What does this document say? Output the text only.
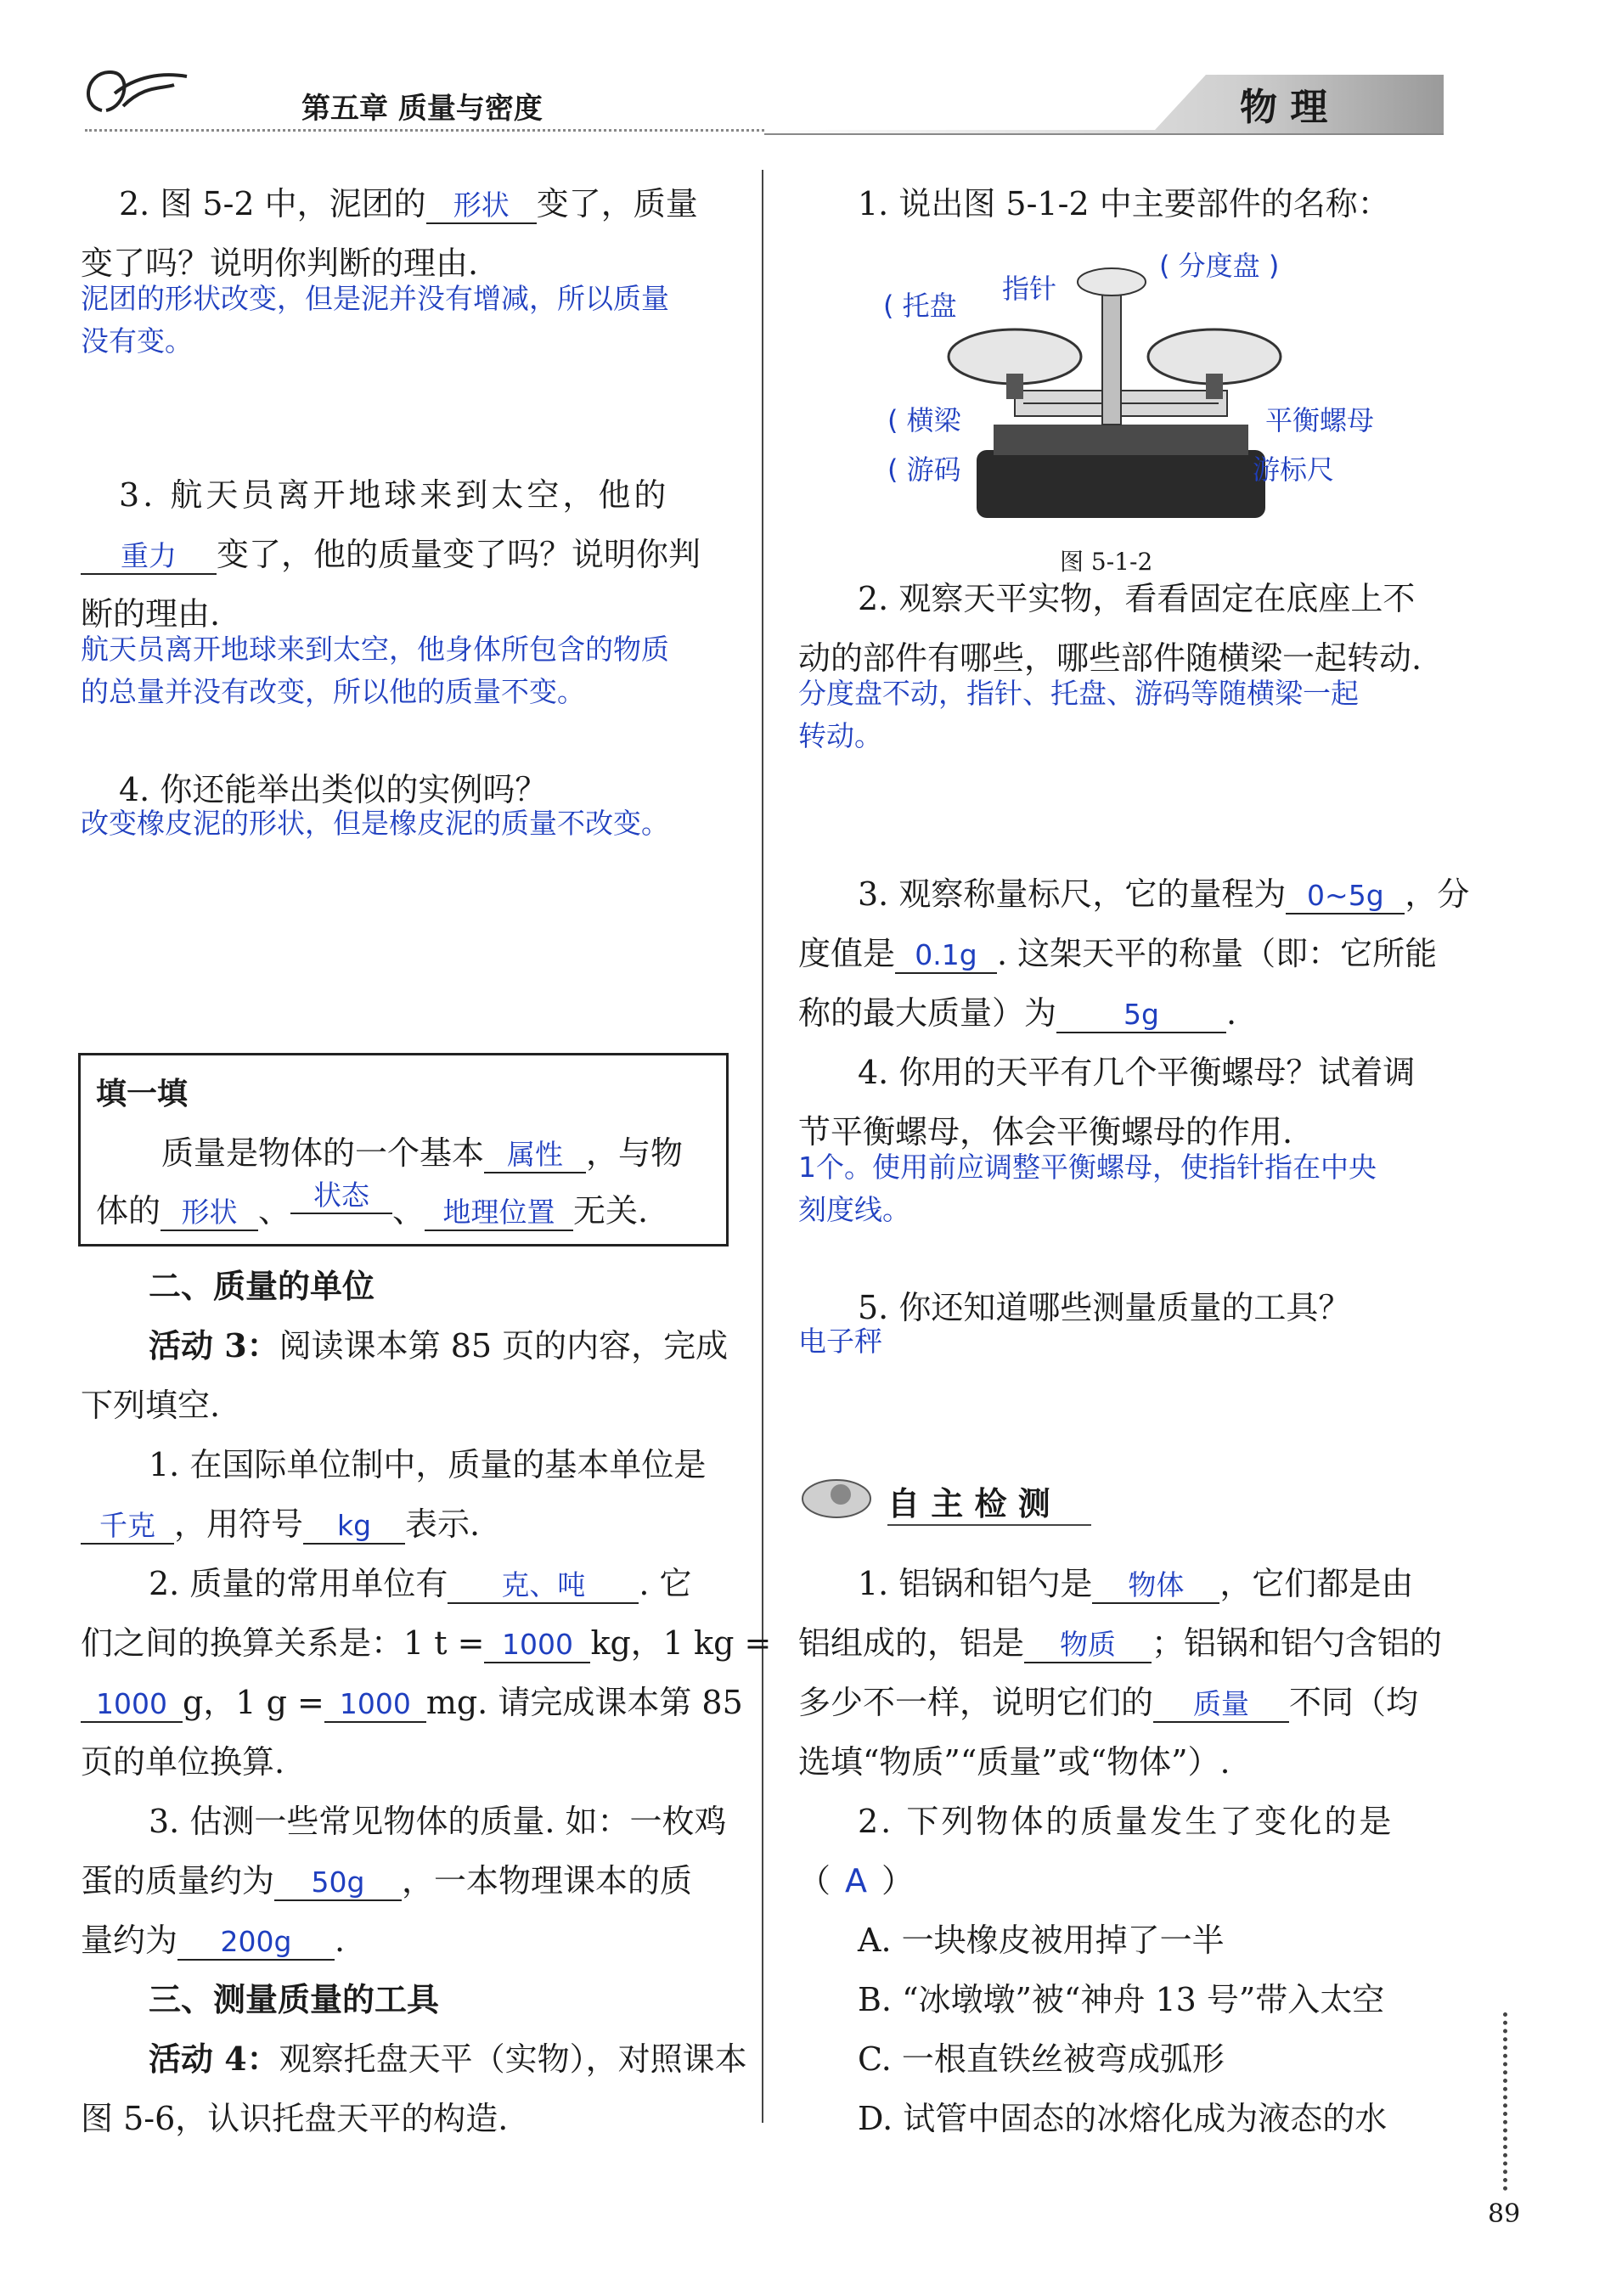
第五章 质量与密度	物 理
2. 图 5-2 中，泥团的 形状 变了，质量
变了吗？说明你判断的理由.
泥团的形状改变，但是泥并没有增减，所以质量
没有变。
3. 航天员离开地球来到太空，他的
重力 变了，他的质量变了吗？说明你判
断的理由.
航天员离开地球来到太空，他身体所包含的物质
的总量并没有改变，所以他的质量不变。
4. 你还能举出类似的实例吗？
改变橡皮泥的形状，但是橡皮泥的质量不改变。
填一填
质量是物体的一个基本 属性 ，与物
体的 形状 、 状态 、 地理位置 无关.
二、质量的单位
活动 3：阅读课本第 85 页的内容，完成
下列填空.
1. 在国际单位制中，质量的基本单位是
千克 ，用符号 kg 表示.
2. 质量的常用单位有 克、吨 . 它
们之间的换算关系是：1 t = 1000 kg，1 kg =
1000 g，1 g = 1000 mg. 请完成课本第 85
页的单位换算.
3. 估测一些常见物体的质量. 如：一枚鸡
蛋的质量约为 50g ，一本物理课本的质
量约为 200g .
三、测量质量的工具
活动 4：观察托盘天平（实物），对照课本
图 5-6，认识托盘天平的构造.
1. 说出图 5-1-2 中主要部件的名称：
( 托盘
指针
( 分度盘 )
( 横梁
( 游码
平衡螺母
游标尺
图 5-1-2
2. 观察天平实物，看看固定在底座上不
动的部件有哪些，哪些部件随横梁一起转动.
分度盘不动，指针、托盘、游码等随横梁一起
转动。
3. 观察称量标尺，它的量程为 0~5g ，分
度值是 0.1g . 这架天平的称量（即：它所能
称的最大质量）为 5g .
4. 你用的天平有几个平衡螺母？试着调
节平衡螺母，体会平衡螺母的作用.
1个。使用前应调整平衡螺母，使指针指在中央
刻度线。
5. 你还知道哪些测量质量的工具？
电子秤
自 主 检 测
1. 铝锅和铝勺是 物体 ，它们都是由
铝组成的，铝是 物质 ；铝锅和铝勺含铝的
多少不一样，说明它们的 质量 不同（均
选填“物质”“质量”或“物体”）.
2. 下列物体的质量发生了变化的是
（ A ）
A. 一块橡皮被用掉了一半
B. “冰墩墩”被“神舟 13 号”带入太空
C. 一根直铁丝被弯成弧形
D. 试管中固态的冰熔化成为液态的水
89
